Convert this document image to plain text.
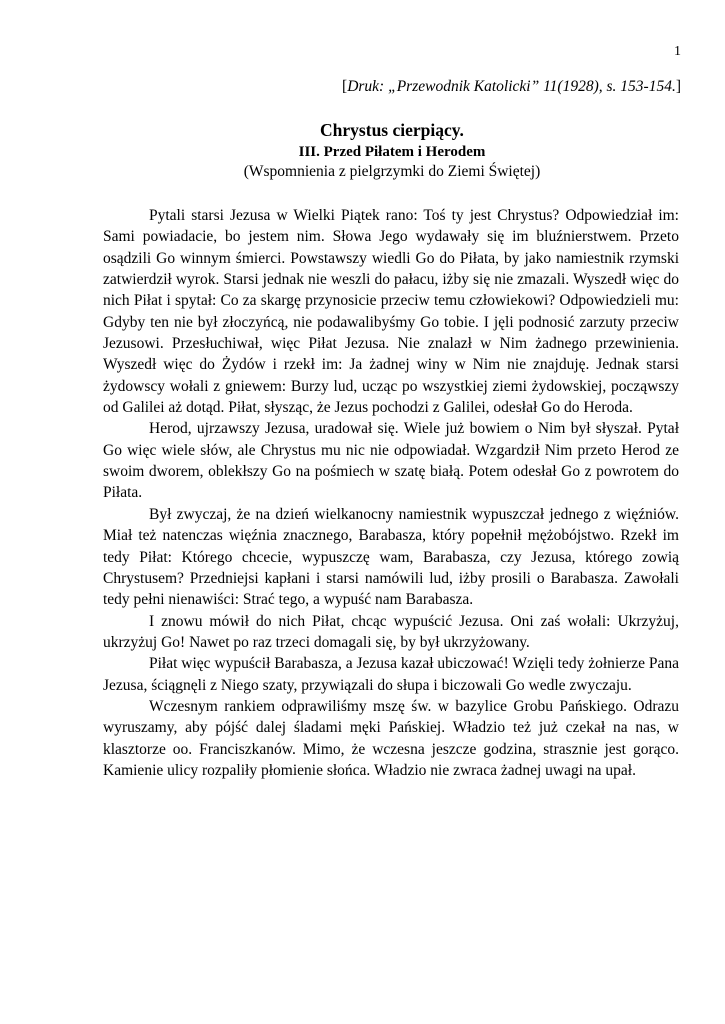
1
[Druk: „Przewodnik Katolicki” 11(1928), s. 153-154.]
Chrystus cierpiący.
III. Przed Piłatem i Herodem
(Wspomnienia z pielgrzymki do Ziemi Świętej)

Pytali starsi Jezusa w Wielki Piątek rano: Toś ty jest Chrystus? Odpowiedział im: Sami powiadacie, bo jestem nim. Słowa Jego wydawały się im bluźnierstwem. Przeto osądzili Go winnym śmierci. Powstawszy wiedli Go do Piłata, by jako namiestnik rzymski zatwierdził wyrok. Starsi jednak nie weszli do pałacu, iżby się nie zmazali. Wyszedł więc do nich Piłat i spytał: Co za skargę przynosicie przeciw temu człowiekowi? Odpowiedzieli mu: Gdyby ten nie był złoczyńcą, nie podawalibyśmy Go tobie. I jęli podnosić zarzuty przeciw Jezusowi. Przesłuchiwał, więc Piłat Jezusa. Nie znalazł w Nim żadnego przewinienia. Wyszedł więc do Żydów i rzekł im: Ja żadnej winy w Nim nie znajduję. Jednak starsi żydowscy wołali z gniewem: Burzy lud, ucząc po wszystkiej ziemi żydowskiej, począwszy od Galilei aż dotąd. Piłat, słysząc, że Jezus pochodzi z Galilei, odesłał Go do Heroda.

Herod, ujrzawszy Jezusa, uradował się. Wiele już bowiem o Nim był słyszał. Pytał Go więc wiele słów, ale Chrystus mu nic nie odpowiadał. Wzgardził Nim przeto Herod ze swoim dworem, oblekłszy Go na pośmiech w szatę białą. Potem odesłał Go z powrotem do Piłata.

Był zwyczaj, że na dzień wielkanocny namiestnik wypuszczał jednego z więźniów. Miał też natenczas więźnia znacznego, Barabasza, który popełnił mężobójstwo. Rzekł im tedy Piłat: Którego chcecie, wypuszczę wam, Barabasza, czy Jezusa, którego zowią Chrystusem? Przedniejsi kapłani i starsi namówili lud, iżby prosili o Barabasza. Zawołali tedy pełni nienawiści: Strać tego, a wypuść nam Barabasza.

I znowu mówił do nich Piłat, chcąc wypuścić Jezusa. Oni zaś wołali: Ukrzyżuj, ukrzyżuj Go! Nawet po raz trzeci domagali się, by był ukrzyżowany.

Piłat więc wypuścił Barabasza, a Jezusa kazał ubiczować! Wzięli tedy żołnierze Pana Jezusa, ściągnęli z Niego szaty, przywiązali do słupa i biczowali Go wedle zwyczaju.

Wczesnym rankiem odprawiliśmy mszę św. w bazylice Grobu Pańskiego. Odrazu wyruszamy, aby pójść dalej śladami męki Pańskiej. Władzio też już czekał na nas, w klasztorze oo. Franciszkanów. Mimo, że wczesna jeszcze godzina, strasznie jest gorąco. Kamienie ulicy rozpaliły płomienie słońca. Władzio nie zwraca żadnej uwagi na upał.
